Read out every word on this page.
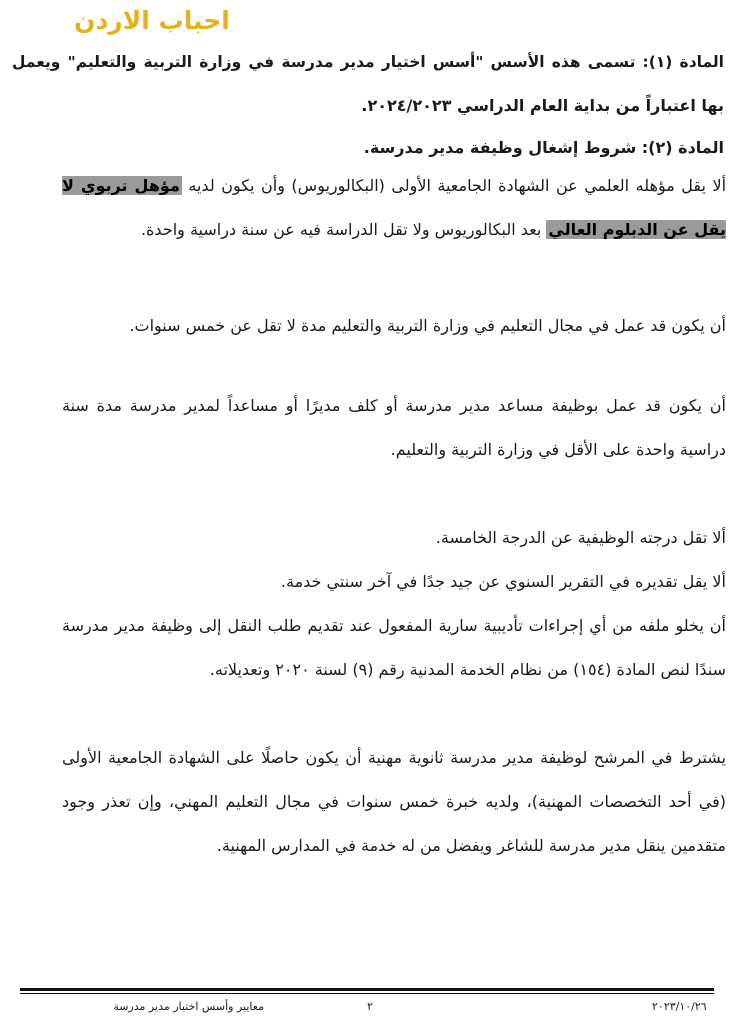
احباب الاردن
المادة (١): تسمى هذه الأسس "أسس اختيار مدير مدرسة في وزارة التربية والتعليم" ويعمل
بها اعتباراً من بداية العام الدراسي ٢٠٢٤/٢٠٢٣.
المادة (٢): شروط إشغال وظيفة مدير مدرسة.
ألا يقل مؤهله العلمي عن الشهادة الجامعية الأولى (البكالوريوس) وأن يكون لديه مؤهل تربوي لا يقل عن الدبلوم العالي بعد البكالوريوس ولا تقل الدراسة فيه عن سنة دراسية واحدة.
أن يكون قد عمل في مجال التعليم في وزارة التربية والتعليم مدة لا تقل عن خمس سنوات.
أن يكون قد عمل بوظيفة مساعد مدير مدرسة أو كلف مديرًا أو مساعداً لمدير مدرسة مدة سنة دراسية واحدة على الأقل في وزارة التربية والتعليم.
ألا تقل درجته الوظيفية عن الدرجة الخامسة.
ألا يقل تقديره في التقرير السنوي عن جيد جدًا في آخر سنتي خدمة.
أن يخلو ملفه من أي إجراءات تأديبية سارية المفعول عند تقديم طلب النقل إلى وظيفة مدير مدرسة سندًا لنص المادة (١٥٤) من نظام الخدمة المدنية رقم (٩) لسنة ٢٠٢٠ وتعديلاته.
يشترط في المرشح لوظيفة مدير مدرسة ثانوية مهنية أن يكون حاصلًا على الشهادة الجامعية الأولى (في أحد التخصصات المهنية)، ولديه خبرة خمس سنوات في مجال التعليم المهني، وإن تعذر وجود متقدمين ينقل مدير مدرسة للشاغر ويفضل من له خدمة في المدارس المهنية.
معايير وأسس اختيار مدير مدرسة	٢	٢٠٢٣/١٠/٢٦
